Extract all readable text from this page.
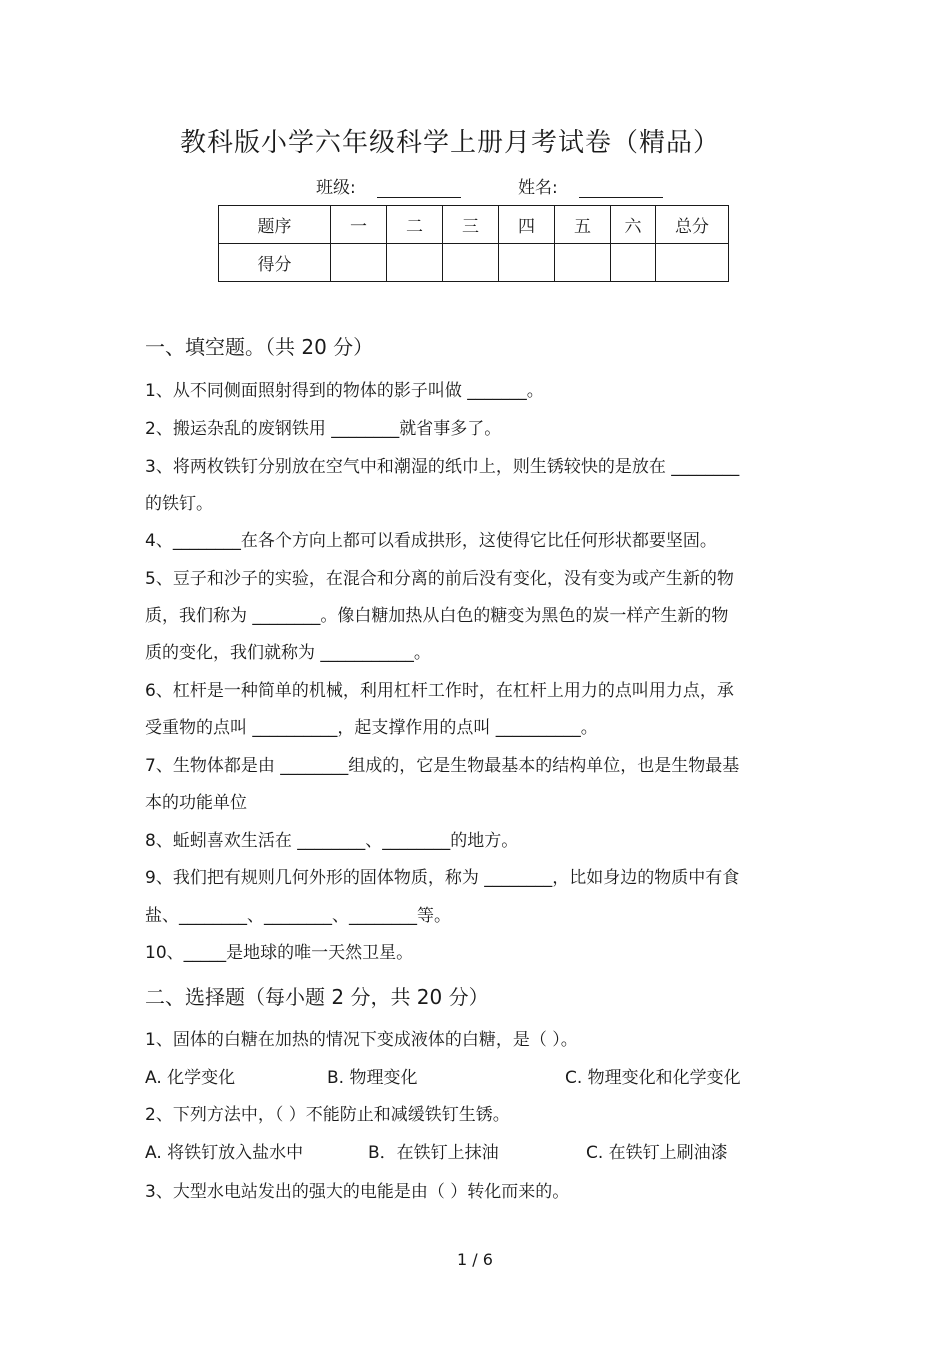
教科版小学六年级科学上册月考试卷（精品）
班级:	姓名:
题序	一	二	三	四	五	六	总分
得分							
一、填空题。（共 20 分）
1、从不同侧面照射得到的物体的影子叫做 _______。
2、搬运杂乱的废钢铁用 ________就省事多了。
3、将两枚铁钉分别放在空气中和潮湿的纸巾上，则生锈较快的是放在 ________
的铁钉。
4、________在各个方向上都可以看成拱形，这使得它比任何形状都要坚固。
5、豆子和沙子的实验，在混合和分离的前后没有变化，没有变为或产生新的物
质，我们称为 ________。像白糖加热从白色的糖变为黑色的炭一样产生新的物
质的变化，我们就称为 ___________。
6、杠杆是一种简单的机械，利用杠杆工作时，在杠杆上用力的点叫用力点，承
受重物的点叫 __________，起支撑作用的点叫 __________。
7、生物体都是由 ________组成的，它是生物最基本的结构单位，也是生物最基
本的功能单位
8、蚯蚓喜欢生活在 ________、________的地方。
9、我们把有规则几何外形的固体物质，称为 ________，比如身边的物质中有食
盐、________、________、________等。
10、_____是地球的唯一天然卫星。
二、选择题（每小题 2 分，共 20 分）
1、固体的白糖在加热的情况下变成液体的白糖，是（ ）。
A. 化学变化	B. 物理变化	C. 物理变化和化学变化
2、下列方法中，（ ）不能防止和减缓铁钉生锈。
A. 将铁钉放入盐水中	B．在铁钉上抹油	C. 在铁钉上刷油漆
3、大型水电站发出的强大的电能是由（ ）转化而来的。
1 / 6
